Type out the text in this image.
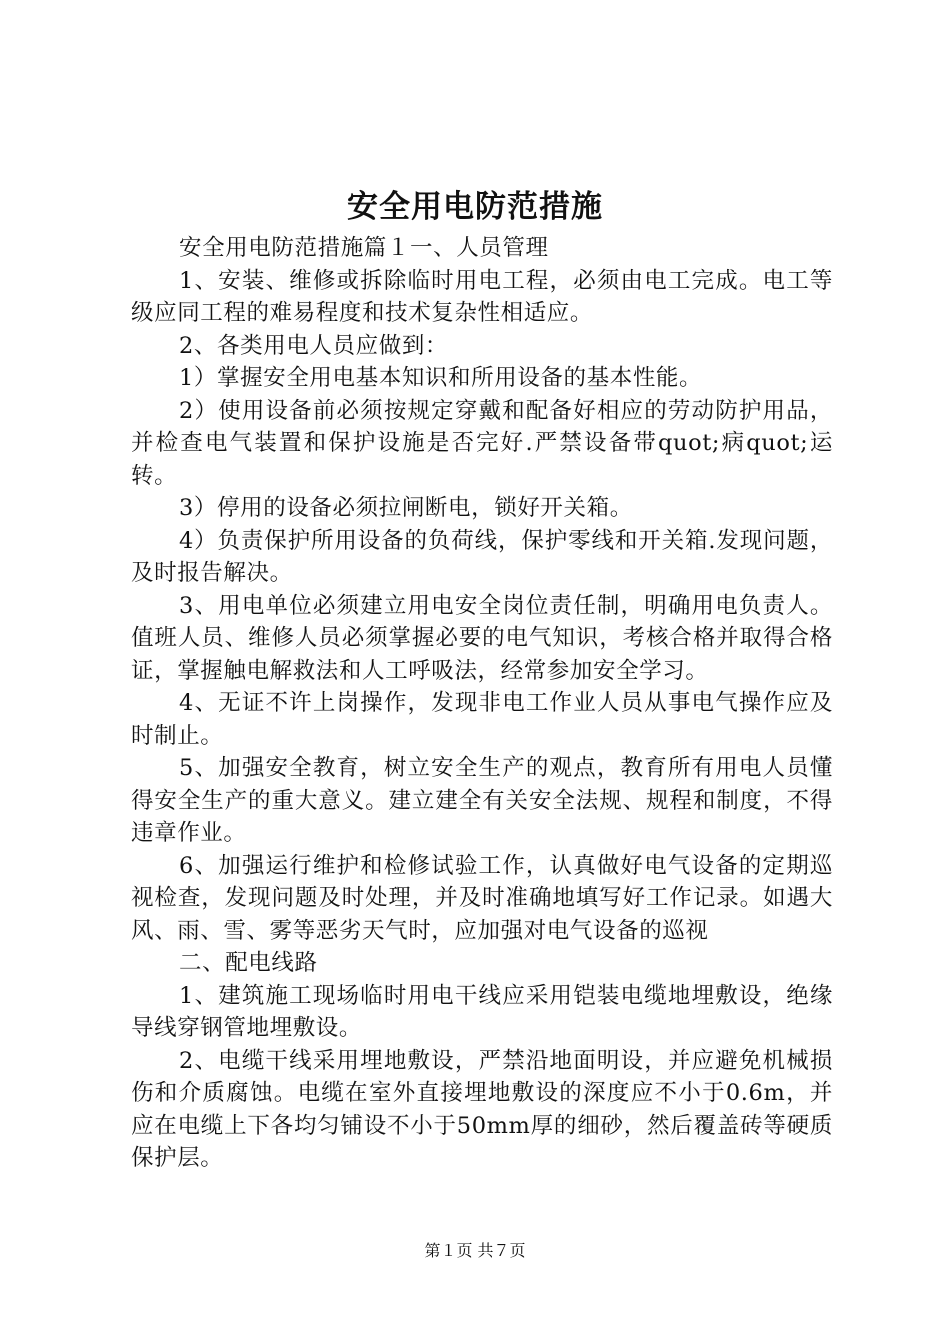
安全用电防范措施

安全用电防范措施篇１一、人员管理

1、安装、维修或拆除临时用电工程，必须由电工完成。电工等级应同工程的难易程度和技术复杂性相适应。

2、各类用电人员应做到：

1）掌握安全用电基本知识和所用设备的基本性能。

2）使用设备前必须按规定穿戴和配备好相应的劳动防护用品，并检查电气装置和保护设施是否完好.严禁设备带quot;病quot;运转。

3）停用的设备必须拉闸断电，锁好开关箱。

4）负责保护所用设备的负荷线，保护零线和开关箱.发现问题，及时报告解决。

3、用电单位必须建立用电安全岗位责任制，明确用电负责人。值班人员、维修人员必须掌握必要的电气知识，考核合格并取得合格证，掌握触电解救法和人工呼吸法，经常参加安全学习。

4、无证不许上岗操作，发现非电工作业人员从事电气操作应及时制止。

5、加强安全教育，树立安全生产的观点，教育所有用电人员懂得安全生产的重大意义。建立建全有关安全法规、规程和制度，不得违章作业。

6、加强运行维护和检修试验工作，认真做好电气设备的定期巡视检查，发现问题及时处理，并及时准确地填写好工作记录。如遇大风、雨、雪、雾等恶劣天气时，应加强对电气设备的巡视

二、配电线路

1、建筑施工现场临时用电干线应采用铠装电缆地埋敷设，绝缘导线穿钢管地埋敷设。

2、电缆干线采用埋地敷设，严禁沿地面明设，并应避免机械损伤和介质腐蚀。电缆在室外直接埋地敷设的深度应不小于0.6m，并应在电缆上下各均匀铺设不小于50mm厚的细砂，然后覆盖砖等硬质保护层。

第１页 共７页
